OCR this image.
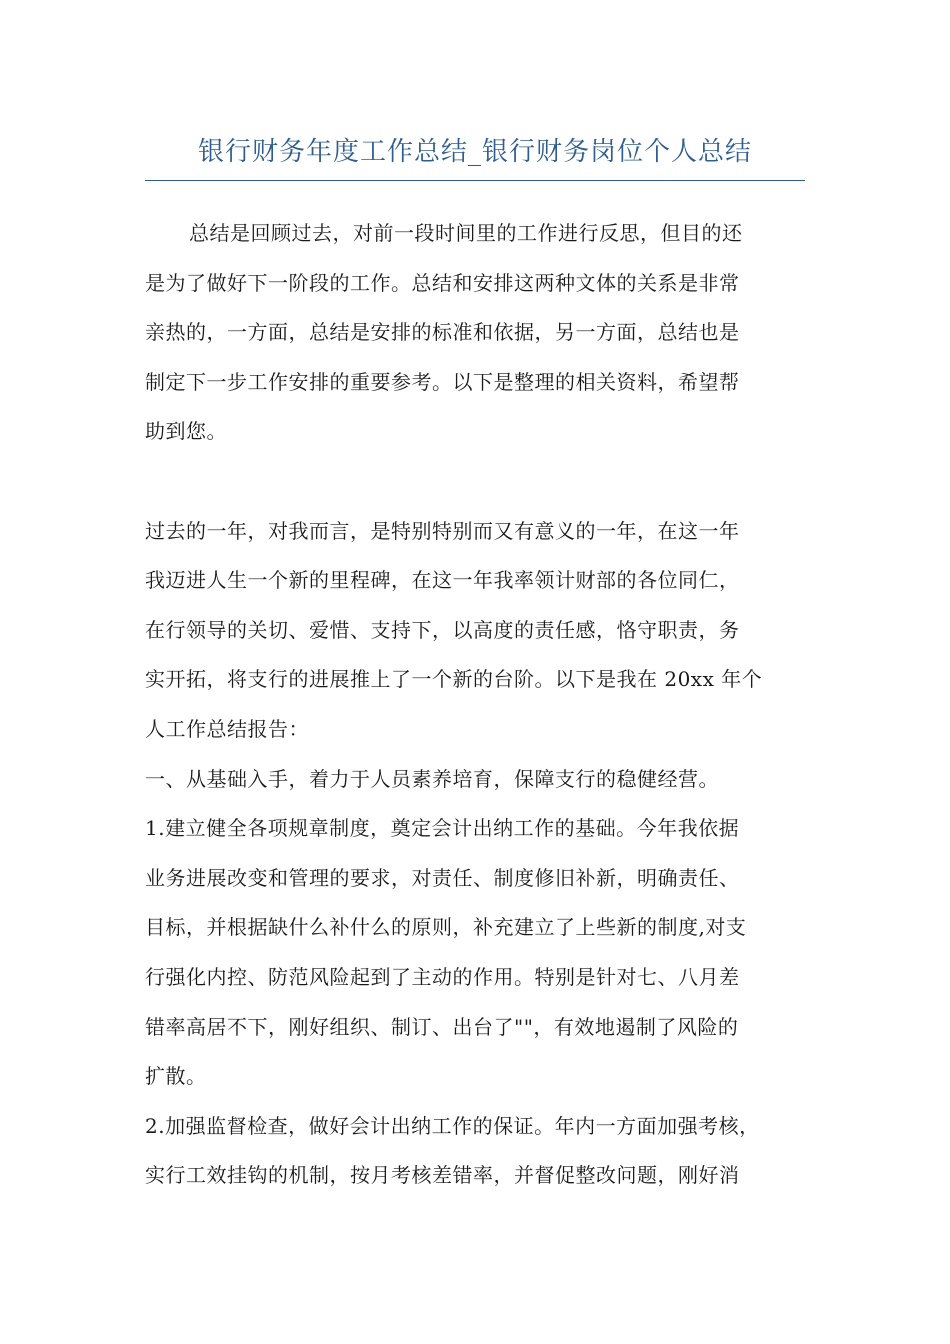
银行财务年度工作总结_银行财务岗位个人总结
总结是回顾过去，对前一段时间里的工作进行反思，但目的还
是为了做好下一阶段的工作。总结和安排这两种文体的关系是非常
亲热的，一方面，总结是安排的标准和依据，另一方面，总结也是
制定下一步工作安排的重要参考。以下是整理的相关资料，希望帮
助到您。
过去的一年，对我而言，是特别特别而又有意义的一年，在这一年
我迈进人生一个新的里程碑，在这一年我率领计财部的各位同仁，
在行领导的关切、爱惜、支持下，以高度的责任感，恪守职责，务
实开拓，将支行的进展推上了一个新的台阶。以下是我在 20xx 年个
人工作总结报告：
一、从基础入手，着力于人员素养培育，保障支行的稳健经营。
1.建立健全各项规章制度，奠定会计出纳工作的基础。今年我依据
业务进展改变和管理的要求，对责任、制度修旧补新，明确责任、
目标，并根据缺什么补什么的原则，补充建立了上些新的制度,对支
行强化内控、防范风险起到了主动的作用。特别是针对七、八月差
错率高居不下，刚好组织、制订、出台了""，有效地遏制了风险的
扩散。
2.加强监督检查，做好会计出纳工作的保证。年内一方面加强考核，
实行工效挂钩的机制，按月考核差错率，并督促整改问题，刚好消
